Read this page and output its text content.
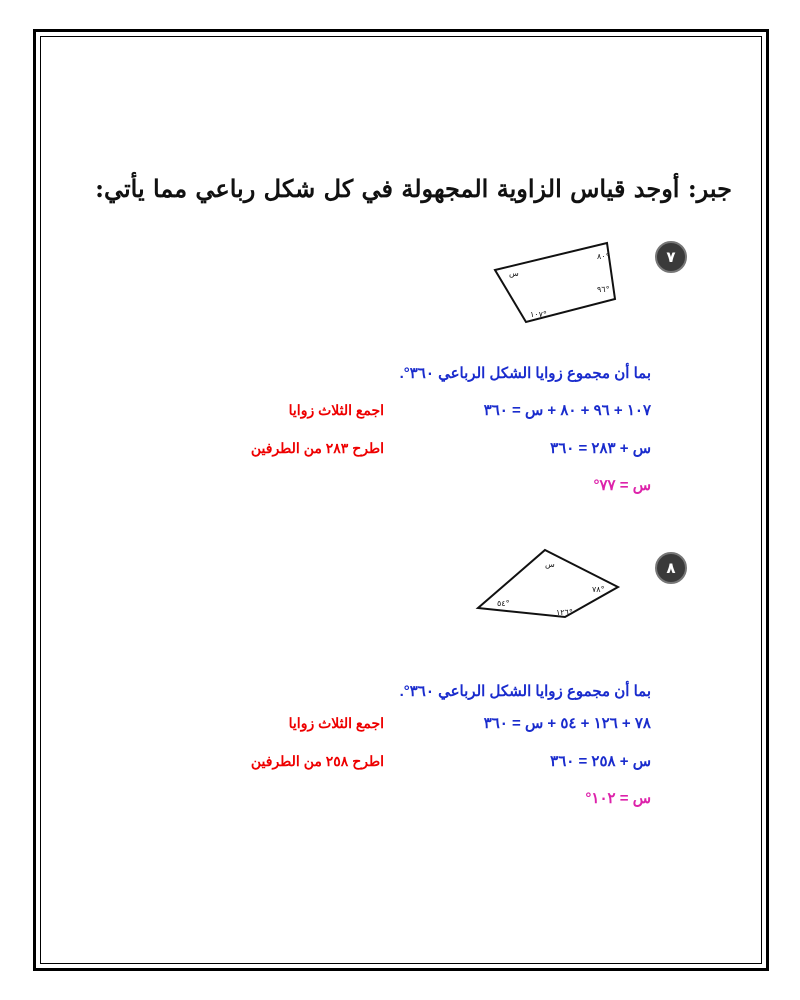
جبر: أوجد قياس الزاوية المجهولة في كل شكل رباعي مما يأتي:
٧
٨٠°
٩٦°
١٠٧°
س
بما أن مجموع زوايا الشكل الرباعي ٣٦٠°.
١٠٧ + ٩٦ + ٨٠ + س = ٣٦٠
اجمع الثلاث زوايا
س + ٢٨٣ = ٣٦٠
اطرح ٢٨٣ من الطرفين
س = ٧٧°
٨
س
٧٨°
١٢٦°
٥٤°
بما أن مجموع زوايا الشكل الرباعي ٣٦٠°.
٧٨ + ١٢٦ + ٥٤ + س = ٣٦٠
اجمع الثلاث زوايا
س + ٢٥٨ = ٣٦٠
اطرح ٢٥٨ من الطرفين
س = ١٠٢°
